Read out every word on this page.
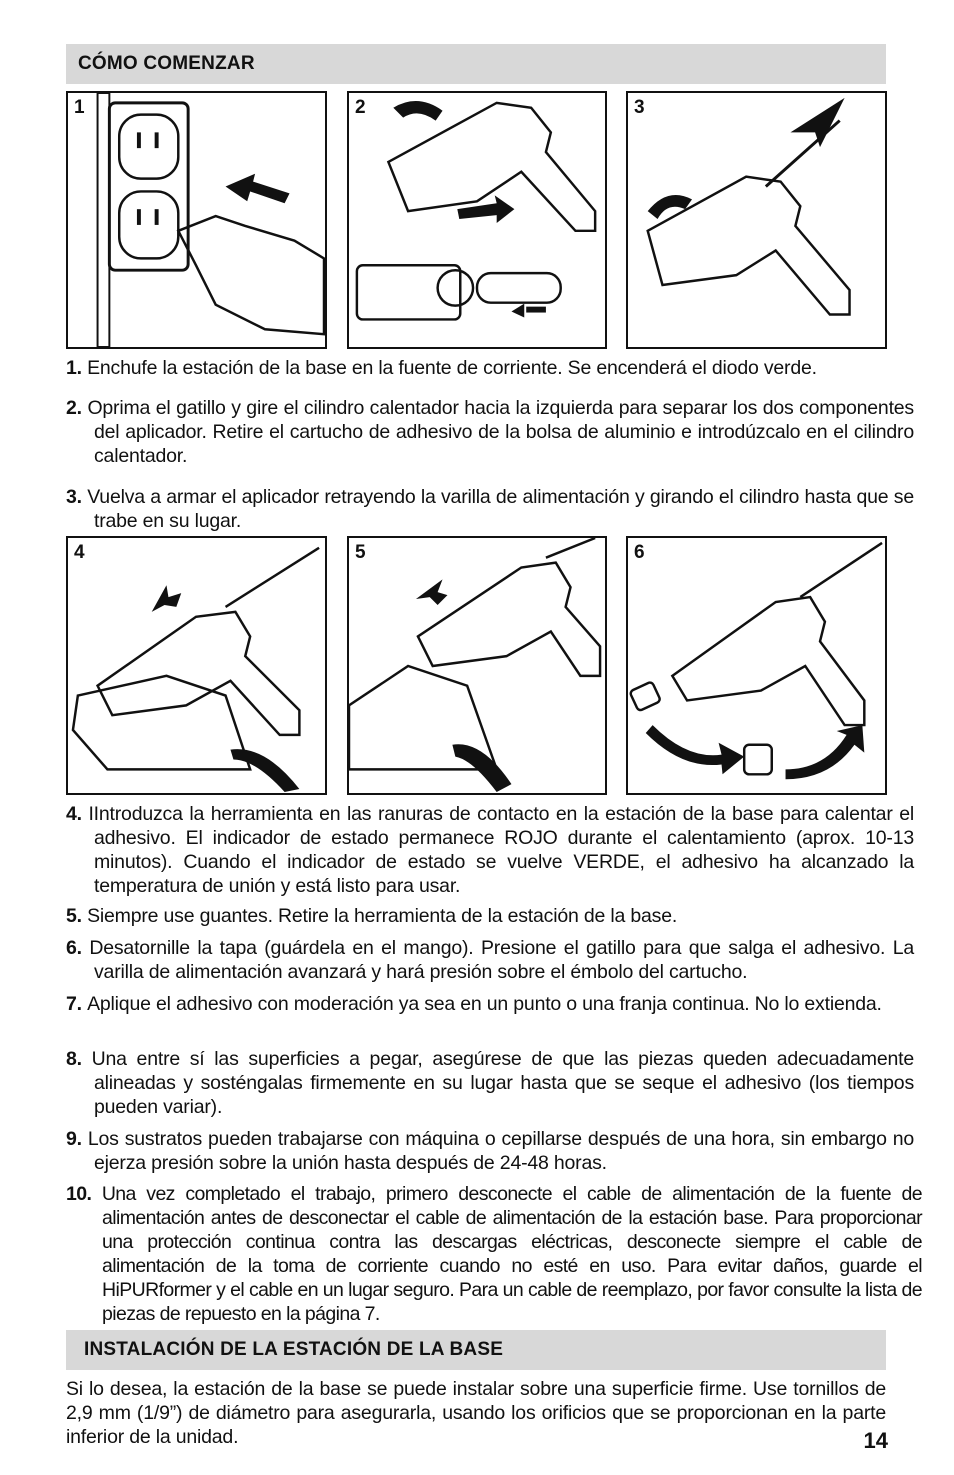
CÓMO COMENZAR
1	2	3
1. Enchufe la estación de la base en la fuente de corriente. Se encenderá el diodo verde.
2. Oprima el gatillo y gire el cilindro calentador hacia la izquierda para separar los dos componentes del aplicador. Retire el cartucho de adhesivo de la bolsa de aluminio e introdúzcalo en el cilindro calentador.
3. Vuelva a armar el aplicador retrayendo la varilla de alimentación y girando el cilindro hasta que se trabe en su lugar.
4	5	6
4. IIntroduzca la herramienta en las ranuras de contacto en la estación de la base para calentar el adhesivo. El indicador de estado permanece ROJO durante el calentamiento (aprox. 10-13 minutos). Cuando el indicador de estado se vuelve VERDE, el adhesivo ha alcanzado la temperatura de unión y está listo para usar.
5. Siempre use guantes. Retire la herramienta de la estación de la base.
6. Desatornille la tapa (guárdela en el mango). Presione el gatillo para que salga el adhesivo. La varilla de alimentación avanzará y hará presión sobre el émbolo del cartucho.
7. Aplique el adhesivo con moderación ya sea en un punto o una franja continua. No lo extienda.
8. Una entre sí las superficies a pegar, asegúrese de que las piezas queden adecuadamente alineadas y sosténgalas firmemente en su lugar hasta que se seque el adhesivo (los tiempos pueden variar).
9. Los sustratos pueden trabajarse con máquina o cepillarse después de una hora, sin embargo no ejerza presión sobre la unión hasta después de 24-48 horas.
10. Una vez completado el trabajo, primero desconecte el cable de alimentación de la fuente de alimentación antes de desconectar el cable de alimentación de la estación base. Para proporcionar una protección continua contra las descargas eléctricas, desconecte siempre el cable de alimentación de la toma de corriente cuando no esté en uso. Para evitar daños, guarde el HiPURformer y el cable en un lugar seguro. Para un cable de reemplazo, por favor consulte la lista de piezas de repuesto en la página 7.
INSTALACIÓN DE LA ESTACIÓN DE LA BASE
Si lo desea, la estación de la base se puede instalar sobre una superficie firme. Use tornillos de 2,9 mm (1/9”) de diámetro para asegurarla, usando los orificios que se proporcionan en la parte inferior de la unidad.	14
